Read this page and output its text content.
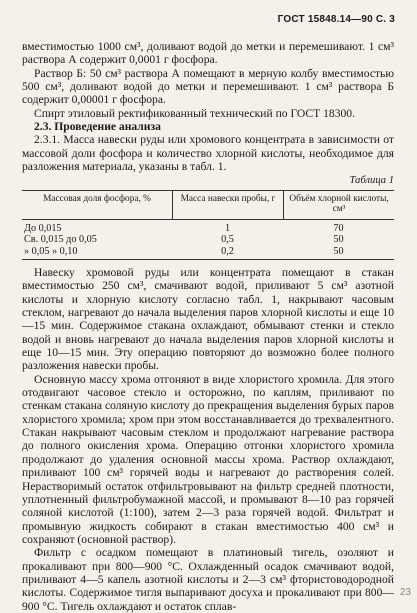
ГОСТ 15848.14—90 С. 3

вместимостью 1000 см³, доливают водой до метки и перемешивают. 1 см³ раствора А содержит 0,0001 г фосфора.

Раствор Б: 50 см³ раствора А помещают в мерную колбу вместимостью 500 см³, доливают водой до метки и перемешивают. 1 см³ раствора Б содержит 0,00001 г фосфора.

Спирт этиловый ректификованный технический по ГОСТ 18300.

2.3. Проведение анализа

2.3.1. Масса навески руды или хромового концентрата в зависимости от массовой доли фосфора и количество хлорной кислоты, необходимое для разложения материала, указаны в табл. 1.

Таблица 1
Массовая доля фосфора, %	Масса навески пробы, г	Объём хлорной кислоты, см³
До 0,015	1	70
Св. 0,015 до 0,05	0,5	50
» 0,05 » 0,10	0,2	50

Навеску хромовой руды или концентрата помещают в стакан вместимостью 250 см³, смачивают водой, приливают 5 см³ азотной кислоты и хлорную кислоту согласно табл. 1, накрывают часовым стеклом, нагревают до начала выделения паров хлорной кислоты и еще 10—15 мин. Содержимое стакана охлаждают, обмывают стенки и стекло водой и вновь нагревают до начала выделения паров хлорной кислоты и еще 10—15 мин. Эту операцию повторяют до возможно более полного разложения навески пробы.

Основную массу хрома отгоняют в виде хлористого хромила. Для этого отодвигают часовое стекло и осторожно, по каплям, приливают по стенкам стакана соляную кислоту до прекращения выделения бурых паров хлористого хромила; хром при этом восстанавливается до трехвалентного. Стакан накрывают часовым стеклом и продолжают нагревание раствора до полного окисления хрома. Операцию отгонки хлористого хромила продолжают до удаления основной массы хрома. Раствор охлаждают, приливают 100 см³ горячей воды и нагревают до растворения солей. Нерастворимый остаток отфильтровывают на фильтр средней плотности, уплотненный фильтробумажной массой, и промывают 8—10 раз горячей соляной кислотой (1:100), затем 2—3 раза горячей водой. Фильтрат и промывную жидкость собирают в стакан вместимостью 400 см³ и сохраняют (основной раствор).

Фильтр с осадком помещают в платиновый тигель, озоляют и прокаливают при 800—900 °С. Охлажденный осадок смачивают водой, приливают 4—5 капель азотной кислоты и 2—3 см³ фтористоводородной кислоты. Содержимое тигля выпаривают досуха и прокаливают при 800—900 °С. Тигель охлаждают и остаток сплав-

23
